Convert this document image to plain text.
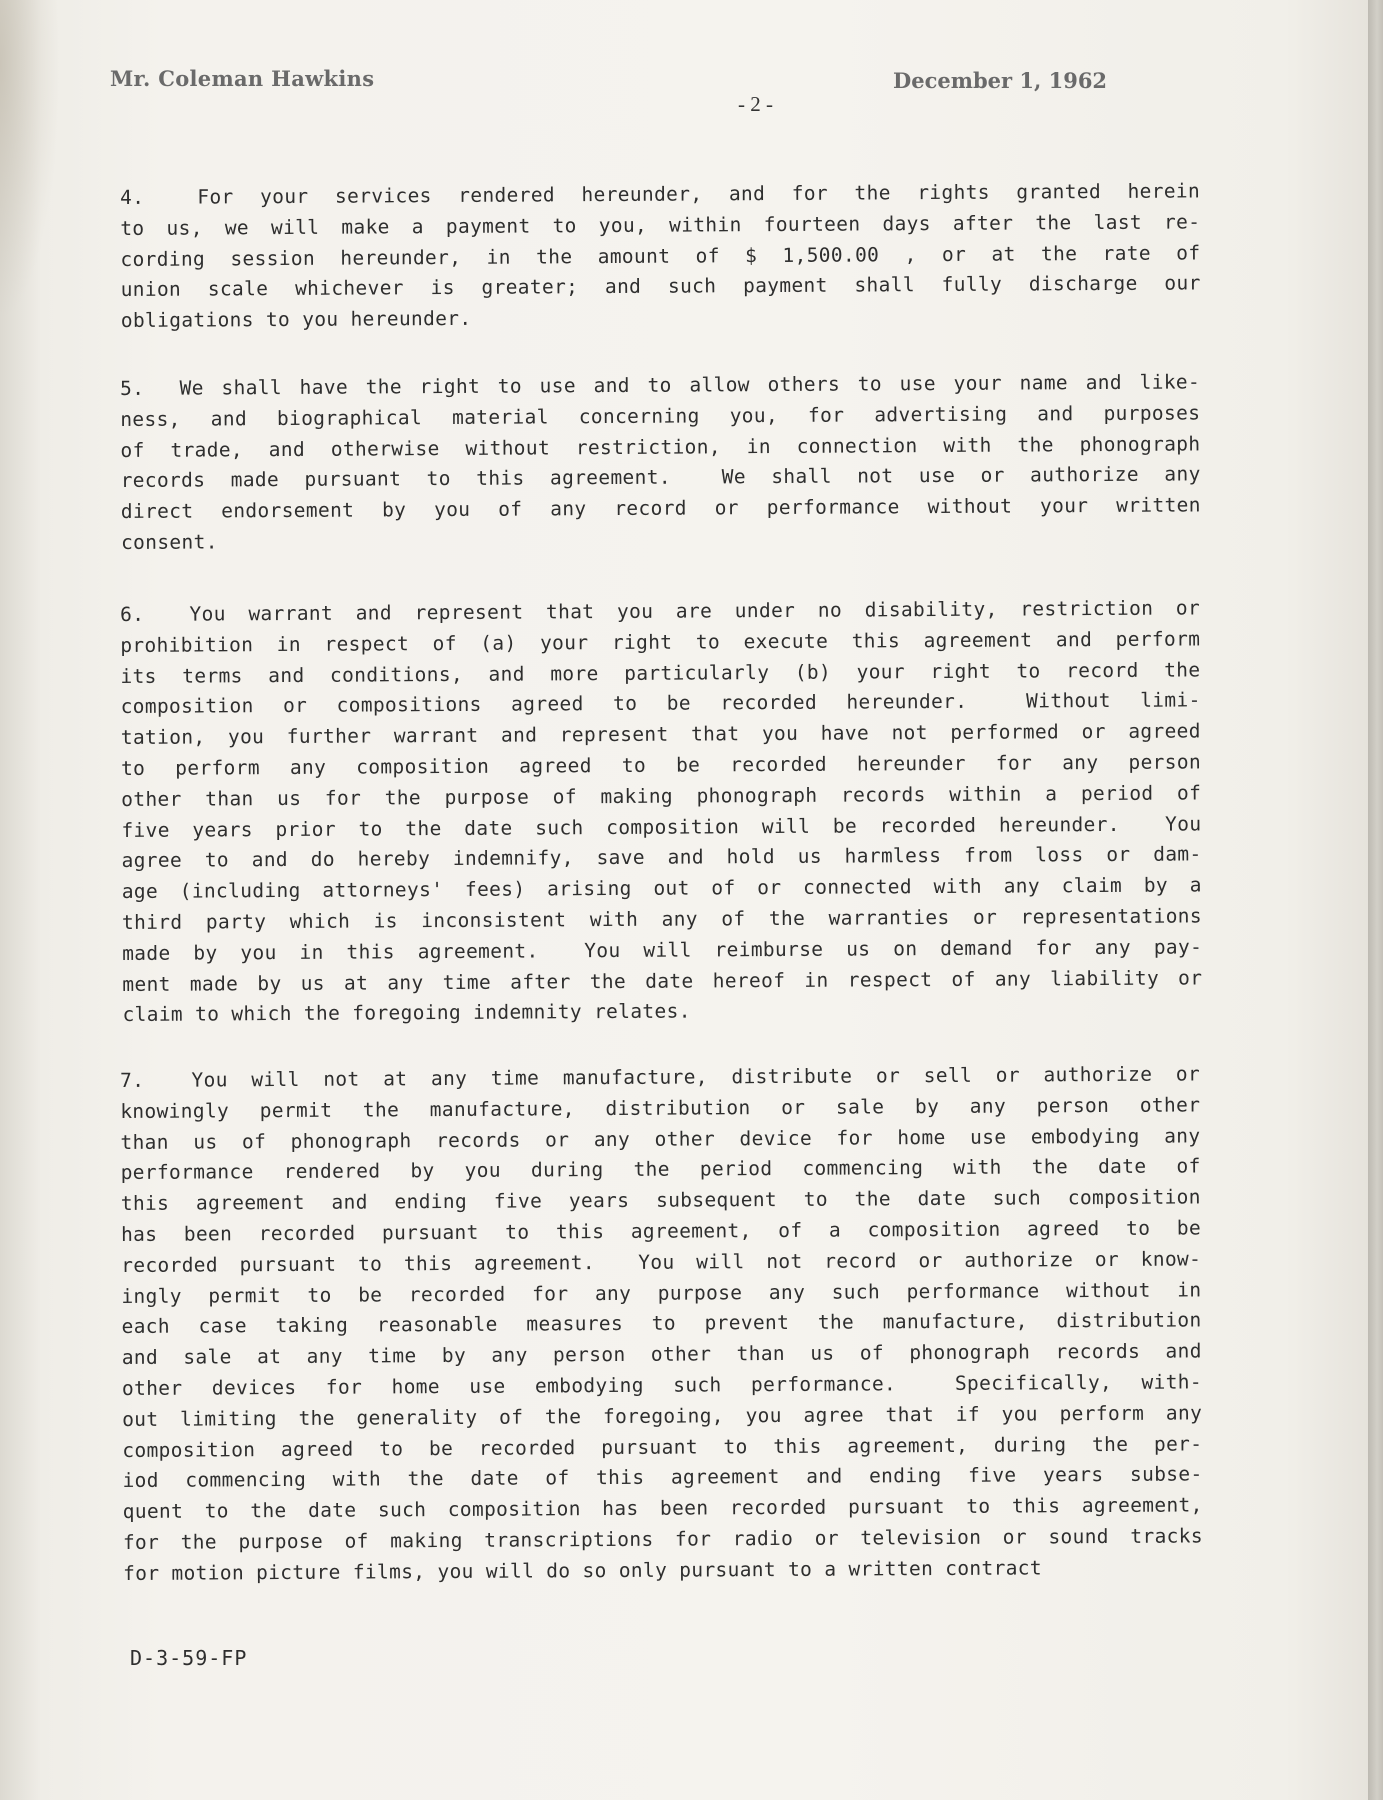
Mr. Coleman Hawkins
- 2 -
December 1, 1962
4.  For your services rendered hereunder, and for the rights granted herein
to us, we will make a payment to you, within fourteen days after the last re-
cording session hereunder, in the amount of $ 1,500.00 , or at the rate of
union scale whichever is greater; and such payment shall fully discharge our
obligations to you hereunder.
5.  We shall have the right to use and to allow others to use your name and like-
ness, and biographical material concerning you, for advertising and purposes
of trade, and otherwise without restriction, in connection with the phonograph
records made pursuant to this agreement.  We shall not use or authorize any
direct endorsement by you of any record or performance without your written
consent.
6.  You warrant and represent that you are under no disability, restriction or
prohibition in respect of (a) your right to execute this agreement and perform
its terms and conditions, and more particularly (b) your right to record the
composition or compositions agreed to be recorded hereunder.  Without limi-
tation, you further warrant and represent that you have not performed or agreed
to perform any composition agreed to be recorded hereunder for any person
other than us for the purpose of making phonograph records within a period of
five years prior to the date such composition will be recorded hereunder.  You
agree to and do hereby indemnify, save and hold us harmless from loss or dam-
age (including attorneys' fees) arising out of or connected with any claim by a
third party which is inconsistent with any of the warranties or representations
made by you in this agreement.  You will reimburse us on demand for any pay-
ment made by us at any time after the date hereof in respect of any liability or
claim to which the foregoing indemnity relates.
7.  You will not at any time manufacture, distribute or sell or authorize or
knowingly permit the manufacture, distribution or sale by any person other
than us of phonograph records or any other device for home use embodying any
performance rendered by you during the period commencing with the date of
this agreement and ending five years subsequent to the date such composition
has been recorded pursuant to this agreement, of a composition agreed to be
recorded pursuant to this agreement.  You will not record or authorize or know-
ingly permit to be recorded for any purpose any such performance without in
each case taking reasonable measures to prevent the manufacture, distribution
and sale at any time by any person other than us of phonograph records and
other devices for home use embodying such performance.  Specifically, with-
out limiting the generality of the foregoing, you agree that if you perform any
composition agreed to be recorded pursuant to this agreement, during the per-
iod commencing with the date of this agreement and ending five years subse-
quent to the date such composition has been recorded pursuant to this agreement,
for the purpose of making transcriptions for radio or television or sound tracks
for motion picture films, you will do so only pursuant to a written contract
D-3-59-FP
